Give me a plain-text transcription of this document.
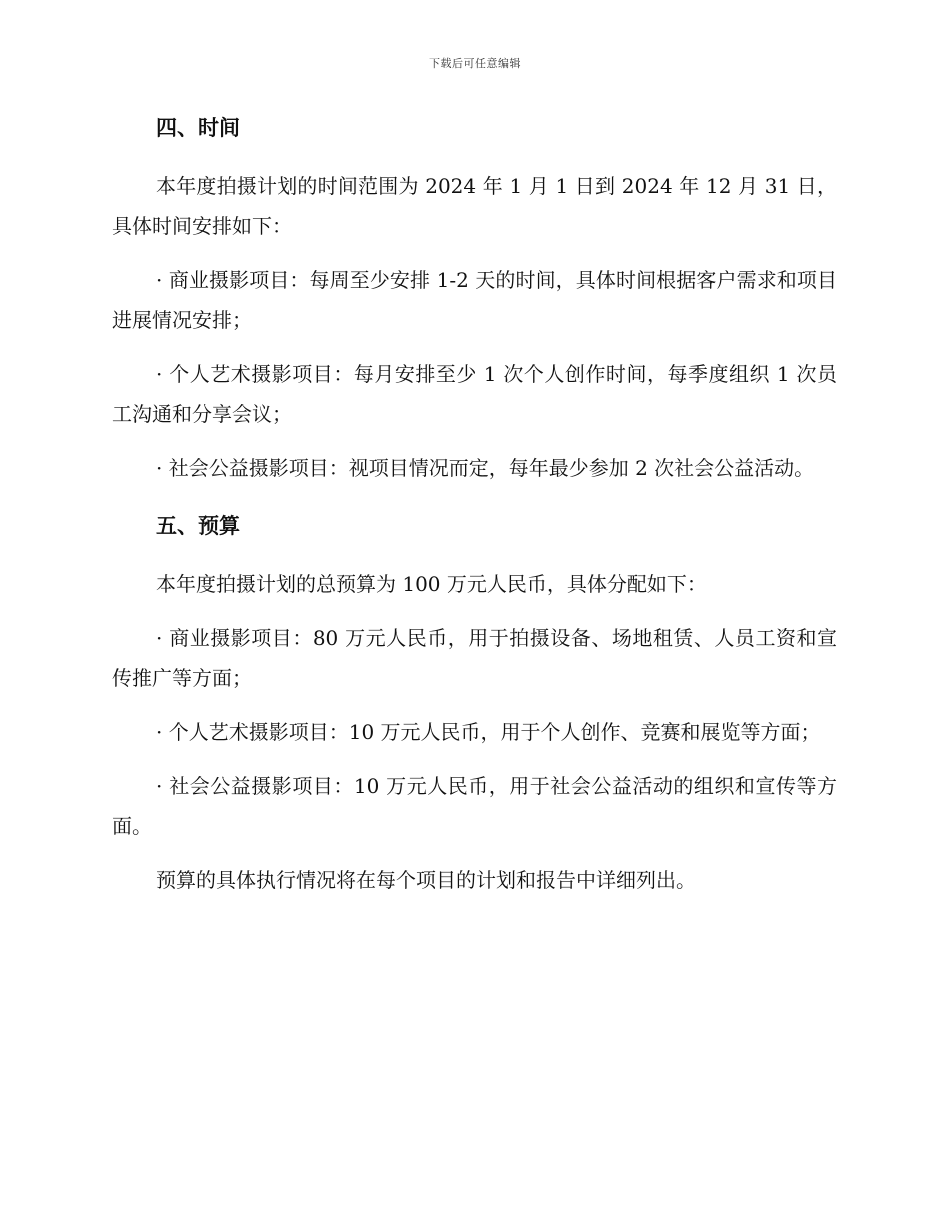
下载后可任意编辑

四、时间

本年度拍摄计划的时间范围为 2024 年 1 月 1 日到 2024 年 12 月 31 日，具体时间安排如下：

· 商业摄影项目：每周至少安排 1-2 天的时间，具体时间根据客户需求和项目进展情况安排；

· 个人艺术摄影项目：每月安排至少 1 次个人创作时间，每季度组织 1 次员工沟通和分享会议；

· 社会公益摄影项目：视项目情况而定，每年最少参加 2 次社会公益活动。

五、预算

本年度拍摄计划的总预算为 100 万元人民币，具体分配如下：

· 商业摄影项目：80 万元人民币，用于拍摄设备、场地租赁、人员工资和宣传推广等方面；

· 个人艺术摄影项目：10 万元人民币，用于个人创作、竞赛和展览等方面；

· 社会公益摄影项目：10 万元人民币，用于社会公益活动的组织和宣传等方面。

预算的具体执行情况将在每个项目的计划和报告中详细列出。
